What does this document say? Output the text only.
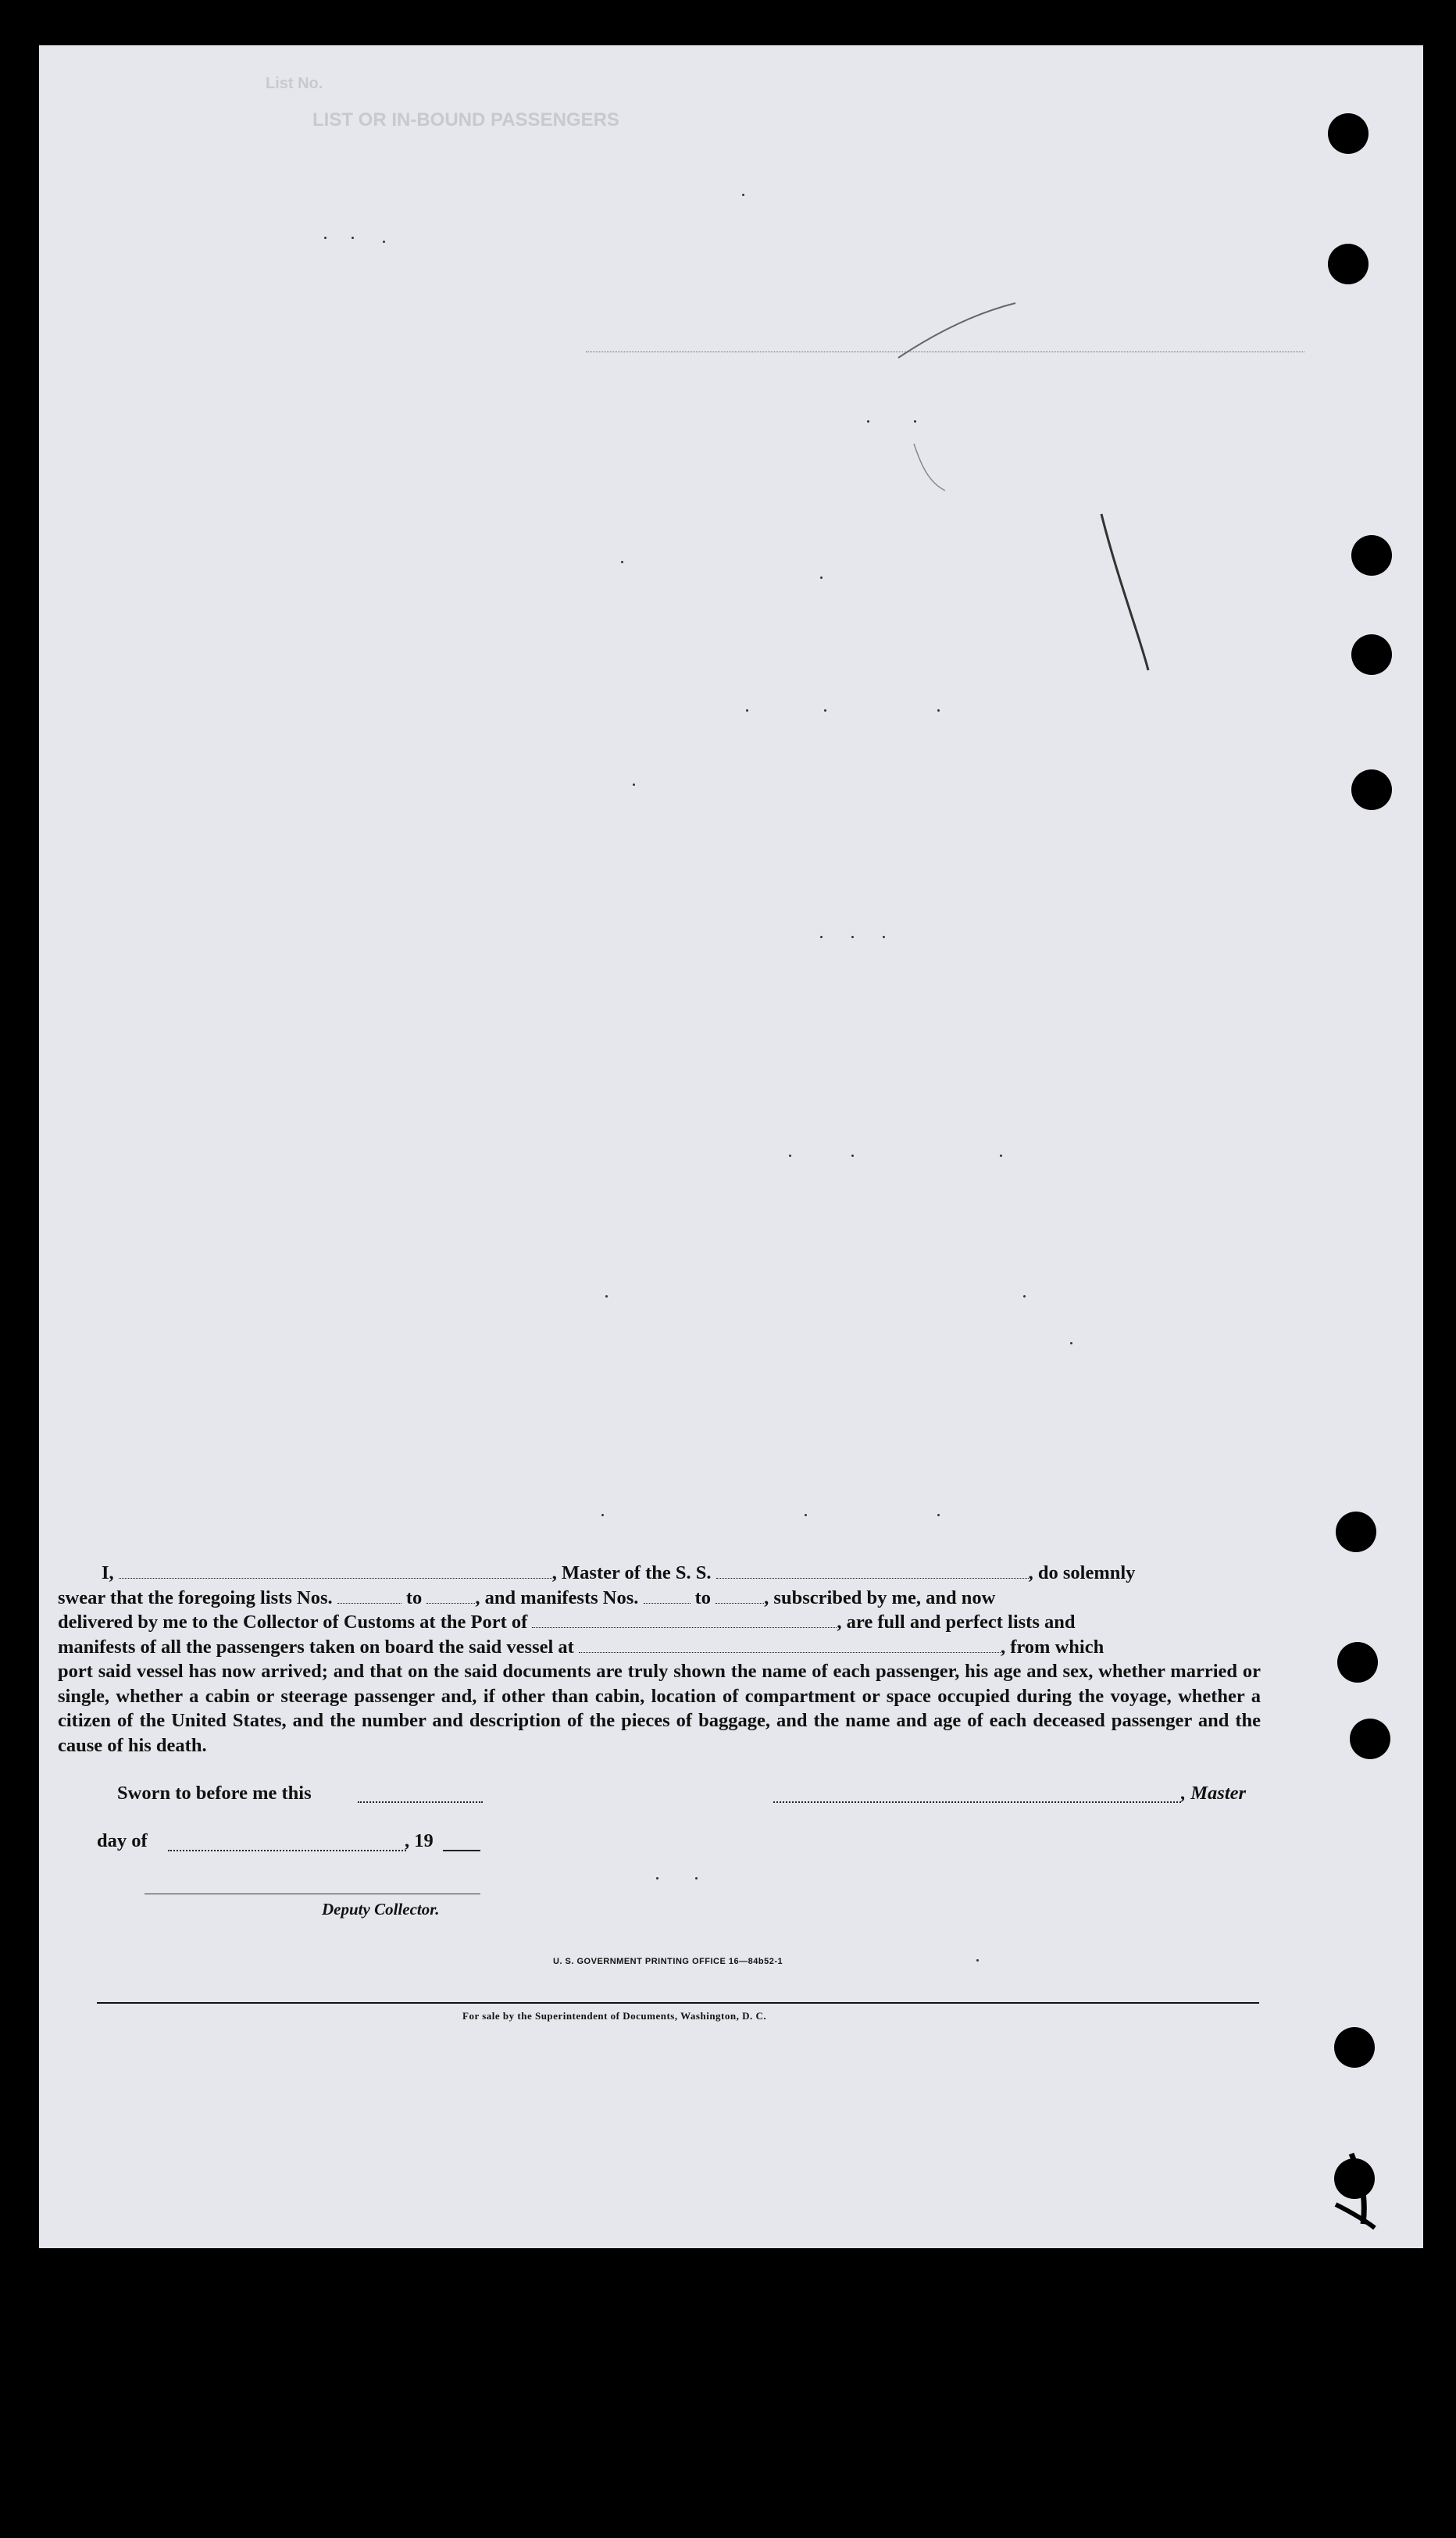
List No.
LIST OR IN-BOUND PASSENGERS

I,	, Master of the S. S.	, do solemnly

swear that the foregoing lists Nos.	to	, and manifests Nos.	to	, subscribed by me, and now
delivered by me to the Collector of Customs at the Port of	, are full and perfect lists and
manifests of all the passengers taken on board the said vessel at	, from which
port said vessel has now arrived; and that on the said documents are truly shown the name of each passenger, his age and sex, whether married or single, whether a cabin or steerage passenger and, if other than cabin, location of compartment or space occupied during the voyage, whether a citizen of the United States, and the number and description of the pieces of baggage, and the name and age of each deceased passenger and the cause of his death.
Sworn to before me this	, Master
day of	, 19
Deputy Collector.
U. S. GOVERNMENT PRINTING OFFICE 16—84b52-1
For sale by the Superintendent of Documents, Washington, D. C.
